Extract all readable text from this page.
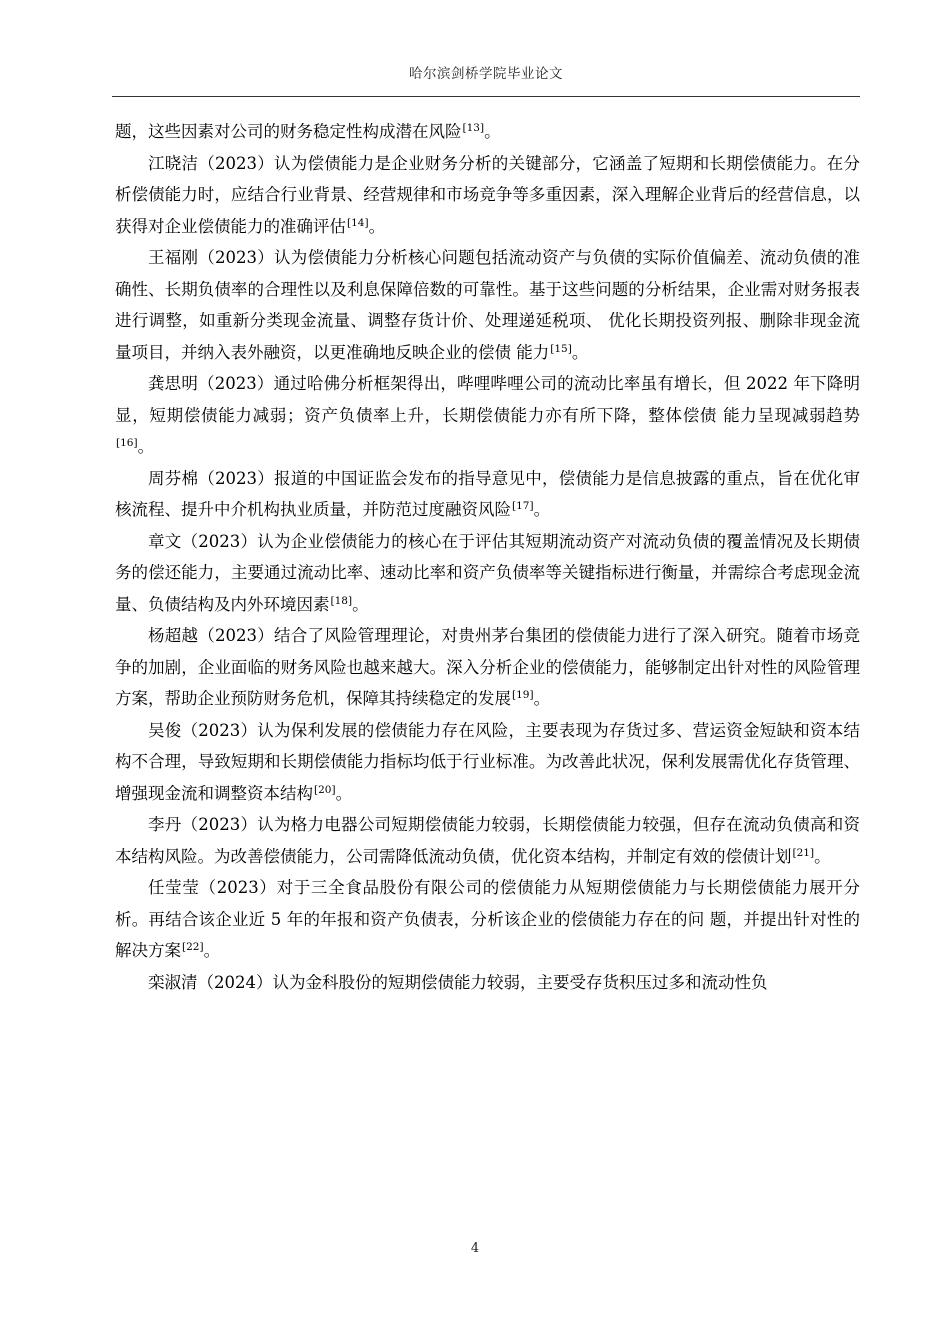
哈尔滨剑桥学院毕业论文

题，这些因素对公司的财务稳定性构成潜在风险[13]。

江晓洁（2023）认为偿债能力是企业财务分析的关键部分，它涵盖了短期和长期偿债能力。在分析偿债能力时，应结合行业背景、经营规律和市场竞争等多重因素，深入理解企业背后的经营信息，以获得对企业偿债能力的准确评估[14]。

王福刚（2023）认为偿债能力分析核心问题包括流动资产与负债的实际价值偏差、流动负债的准确性、长期负债率的合理性以及利息保障倍数的可靠性。基于这些问题的分析结果，企业需对财务报表进行调整，如重新分类现金流量、调整存货计价、处理递延税项、 优化长期投资列报、删除非现金流量项目，并纳入表外融资，以更准确地反映企业的偿债 能力[15]。

龚思明（2023）通过哈佛分析框架得出，哔哩哔哩公司的流动比率虽有增长，但 2022 年下降明显，短期偿债能力减弱；资产负债率上升，长期偿债能力亦有所下降，整体偿债 能力呈现减弱趋势[16]。

周芬棉（2023）报道的中国证监会发布的指导意见中，偿债能力是信息披露的重点，旨在优化审核流程、提升中介机构执业质量，并防范过度融资风险[17]。

章文（2023）认为企业偿债能力的核心在于评估其短期流动资产对流动负债的覆盖情况及长期债务的偿还能力，主要通过流动比率、速动比率和资产负债率等关键指标进行衡量，并需综合考虑现金流量、负债结构及内外环境因素[18]。

杨超越（2023）结合了风险管理理论，对贵州茅台集团的偿债能力进行了深入研究。随着市场竞争的加剧，企业面临的财务风险也越来越大。深入分析企业的偿债能力，能够制定出针对性的风险管理方案，帮助企业预防财务危机，保障其持续稳定的发展[19]。

吴俊（2023）认为保利发展的偿债能力存在风险，主要表现为存货过多、营运资金短缺和资本结构不合理，导致短期和长期偿债能力指标均低于行业标准。为改善此状况，保利发展需优化存货管理、增强现金流和调整资本结构[20]。

李丹（2023）认为格力电器公司短期偿债能力较弱，长期偿债能力较强，但存在流动负债高和资本结构风险。为改善偿债能力，公司需降低流动负债，优化资本结构，并制定有效的偿债计划[21]。

任莹莹（2023）对于三全食品股份有限公司的偿债能力从短期偿债能力与长期偿债能力展开分析。再结合该企业近 5 年的年报和资产负债表，分析该企业的偿债能力存在的问 题，并提出针对性的解决方案[22]。

栾淑清（2024）认为金科股份的短期偿债能力较弱，主要受存货积压过多和流动性负

4
